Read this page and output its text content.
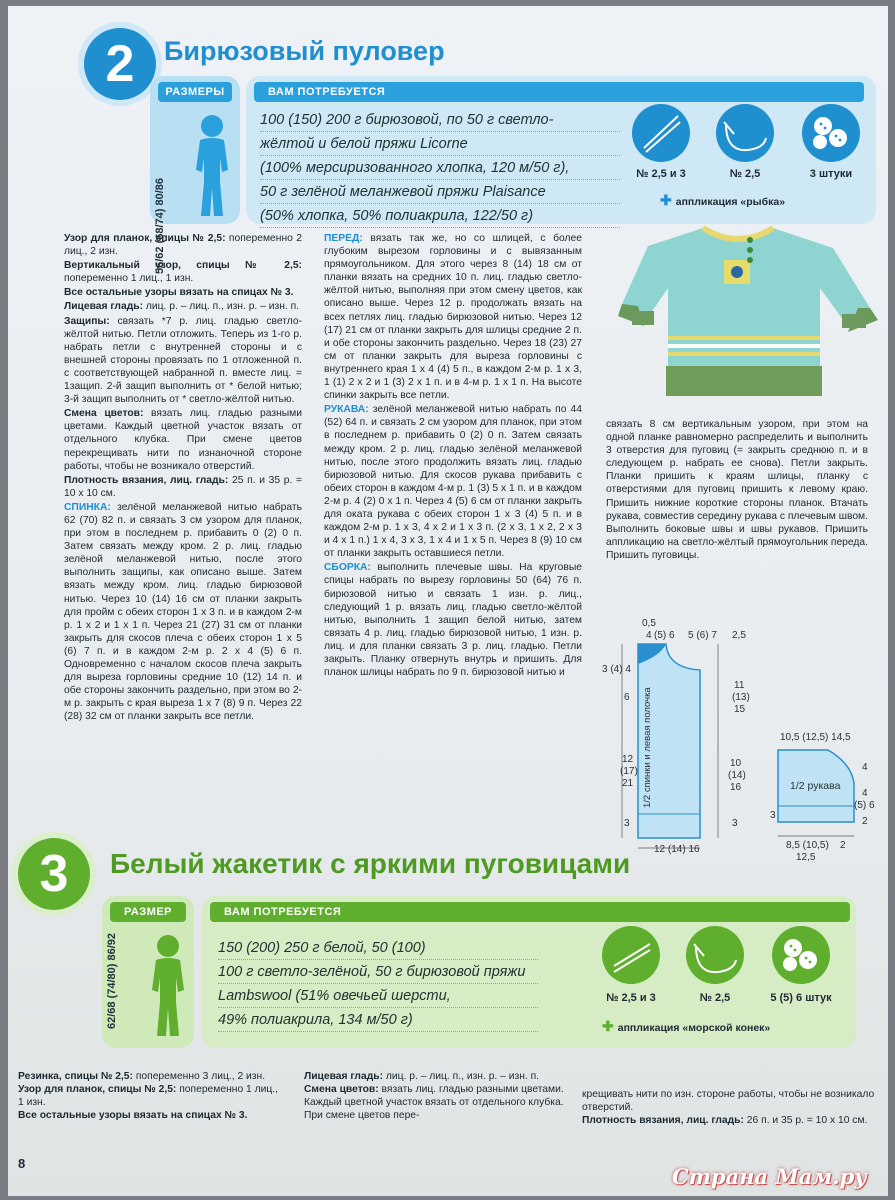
2	Бирюзовый пуловер
РАЗМЕРЫ
56/62 (68/74) 80/86
ВАМ ПОТРЕБУЕТСЯ
100 (150) 200 г бирюзовой, по 50 г светло-
жёлтой и белой пряжи Licorne
(100% мерсиризованного хлопка, 120 м/50 г),
50 г зелёной меланжевой пряжи Plaisance
(50% хлопка, 50% полиакрила, 122/50 г)
№ 2,5 и 3	№ 2,5	3 штуки
✚ аппликация «рыбка»

Узор для планок, спицы № 2,5: попеременно 2 лиц., 2 изн.

Вертикальный узор, спицы № 2,5: попеременно 1 лиц., 1 изн.

Все остальные узоры вязать на спицах № 3.

Лицевая гладь: лиц. р. – лиц. п., изн. р. – изн. п.

Защипы: связать *7 р. лиц. гладью светло-жёлтой нитью. Петли отложить. Теперь из 1-го р. набрать петли с внутренней стороны и с внешней стороны провязать по 1 отложенной п. с соответствующей набранной п. вместе лиц. = 1защип. 2-й защип выполнить от * белой нитью; 3-й защип выполнить от * светло-жёлтой нитью.

Смена цветов: вязать лиц. гладью разными цветами. Каждый цветной участок вязать от отдельного клубка. При смене цветов перекрещивать нити по изнаночной стороне работы, чтобы не возникало отверстий.

Плотность вязания, лиц. гладь: 25 п. и 35 р. = 10 x 10 см.

СПИНКА: зелёной меланжевой нитью набрать 62 (70) 82 п. и связать 3 см узором для планок, при этом в последнем р. прибавить 0 (2) 0 п. Затем связать между кром. 2 р. лиц. гладью зелёной меланжевой нитью, после этого выполнить защипы, как описано выше. Затем вязать между кром. лиц. гладью бирюзовой нитью. Через 10 (14) 16 см от планки закрыть для пройм с обеих сторон 1 x 3 п. и в каждом 2-м р. 1 x 2 и 1 x 1 п. Через 21 (27) 31 см от планки закрыть для скосов плеча с обеих сторон 1 x 5 (6) 7 п. и в каждом 2-м р. 2 x 4 (5) 6 п. Одновременно с началом скосов плеча закрыть для выреза горловины средние 10 (12) 14 п. и обе стороны закончить раздельно, при этом во 2-м р. закрыть с края выреза 1 x 7 (8) 9 п. Через 22 (28) 32 см от планки закрыть все петли.

ПЕРЕД: вязать так же, но со шлицей, с более глубоким вырезом горловины и с вывязанным прямоугольником. Для этого через 8 (14) 18 см от планки вязать на средних 10 п. лиц. гладью светло-жёлтой нитью, выполняя при этом смену цветов, как описано выше. Через 12 р. продолжать вязать на всех петлях лиц. гладью бирюзовой нитью. Через 12 (17) 21 см от планки закрыть для шлицы средние 2 п. и обе стороны закончить раздельно. Через 18 (23) 27 см от планки закрыть для выреза горловины с внутреннего края 1 x 4 (4) 5 п., в каждом 2-м р. 1 x 3, 1 (1) 2 x 2 и 1 (3) 2 x 1 п. и в 4-м р. 1 x 1 п. На высоте спинки закрыть все петли.

РУКАВА: зелёной меланжевой нитью набрать по 44 (52) 64 п. и связать 2 см узором для планок, при этом в последнем р. прибавить 0 (2) 0 п. Затем связать между кром. 2 р. лиц. гладью зелёной меланжевой нитью, после этого продолжить вязать лиц. гладью бирюзовой нитью. Для скосов рукава прибавить с обеих сторон в каждом 4-м р. 1 (3) 5 x 1 п. и в каждом 2-м р. 4 (2) 0 x 1 п. Через 4 (5) 6 см от планки закрыть для оката рукава с обеих сторон 1 x 3 (4) 5 п. и в каждом 2-м р. 1 x 3, 4 x 2 и 1 x 3 п. (2 x 3, 1 x 2, 2 x 3 и 4 x 1 п.) 1 x 4, 3 x 3, 1 x 4 и 1 x 5 п. Через 8 (9) 10 см от планки закрыть оставшиеся петли.

СБОРКА: выполнить плечевые швы. На круговые спицы набрать по вырезу горловины 50 (64) 76 п. бирюзовой нитью и связать 1 изн. р. лиц., следующий 1 р. вязать лиц. гладью светло-жёлтой нитью, выполнить 1 защип белой нитью, затем связать 4 р. лиц. гладью бирюзовой нитью, 1 изн. р. лиц. и для планки связать 3 р. лиц. гладью. Петли закрыть. Планку отвернуть внутрь и пришить. Для планок шлицы набрать по 9 п. бирюзовой нитью и

связать 8 см вертикальным узором, при этом на одной планке равномерно распределить и выполнить 3 отверстия для пуговиц (= закрыть среднюю п. и в следующем р. набрать ее снова). Петли закрыть. Планки пришить к краям шлицы, планку с отверстиями для пуговиц пришить к левому краю. Пришить нижние короткие стороны планок. Втачать рукава, совместив середину рукава с плечевым швом. Выполнить боковые швы и швы рукавов. Пришить аппликацию на светло-жёлтый прямоугольник переда. Пришить пуговицы.
0,5
4 (5) 6 5 (6) 7 2,5
3 (4) 4
6
12
(17)
21
3
11
(13)
15
10
(14)
16
3
12 (14) 16
1/2 спинки и левая полочка	10,5 (12,5) 14,5
4
4
(5) 6
2
1/2 рукава
3
8,5 (10,5)
12,5
2
3	Белый жакетик с яркими пуговицами
РАЗМЕР
62/68 (74/80) 86/92
ВАМ ПОТРЕБУЕТСЯ
150 (200) 250 г белой, 50 (100)
100 г светло-зелёной, 50 г бирюзовой пряжи
Lambswool (51% овечьей шерсти,
49% полиакрила, 134 м/50 г)
№ 2,5 и 3	№ 2,5	5 (5) 6 штук
✚ аппликация «морской конек»

Резинка, спицы № 2,5: попеременно 3 лиц., 2 изн.

Узор для планок, спицы № 2,5: попеременно 1 лиц., 1 изн.

Все остальные узоры вязать на спицах № 3.

Лицевая гладь: лиц. р. – лиц. п., изн. р. – изн. п.

Смена цветов: вязать лиц. гладью разными цветами. Каждый цветной участок вязать от отдельного клубка. При смене цветов пере-

крещивать нити по изн. стороне работы, чтобы не возникало отверстий.

Плотность вязания, лиц. гладь: 26 п. и 35 р. = 10 x 10 см.

8
Страна Мам.ру
